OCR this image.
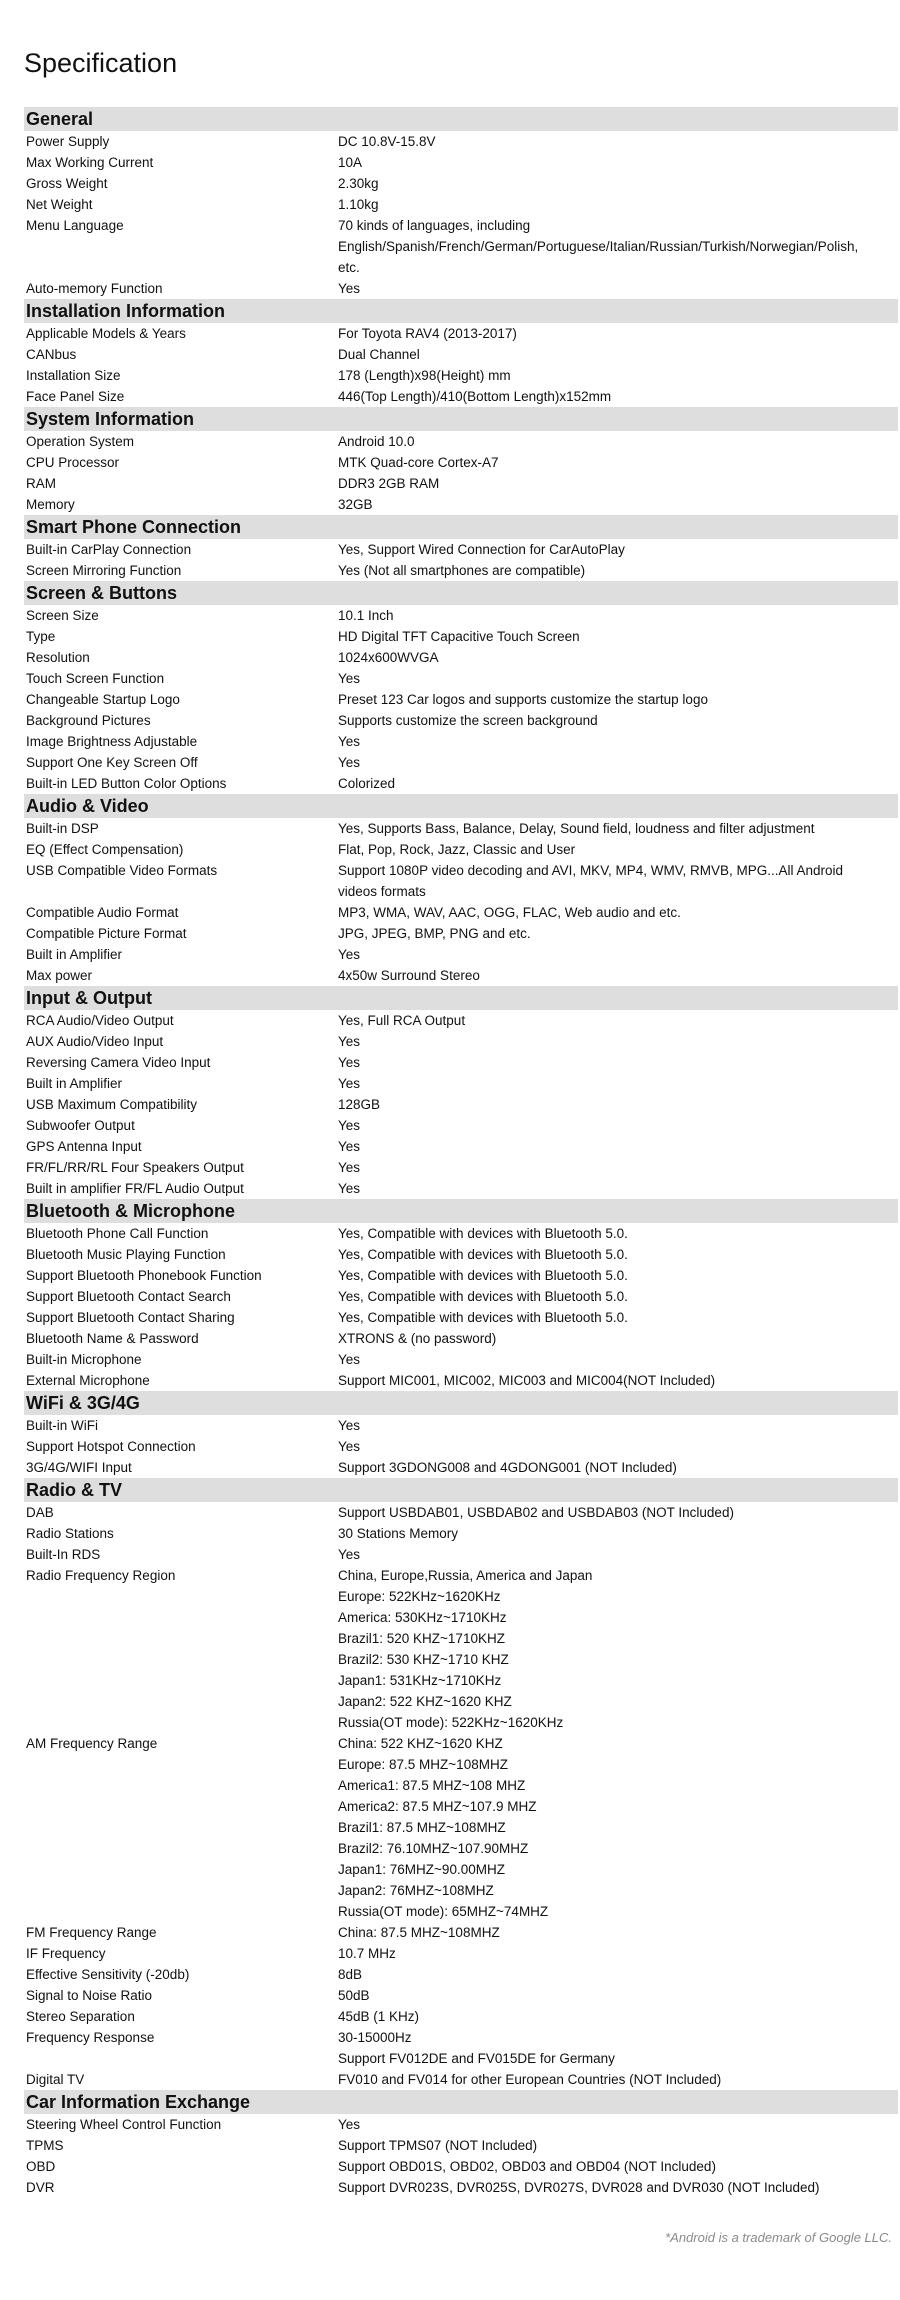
Specification
General
Power Supply	DC 10.8V-15.8V
Max Working Current	10A
Gross Weight	2.30kg
Net Weight	1.10kg
Menu Language	70 kinds of languages, including
English/Spanish/French/German/Portuguese/Italian/Russian/Turkish/Norwegian/Polish,
etc.
Auto-memory Function	Yes
Installation Information
Applicable Models & Years	For Toyota RAV4 (2013-2017)
CANbus	Dual Channel
Installation Size	178 (Length)x98(Height) mm
Face Panel Size	446(Top Length)/410(Bottom Length)x152mm
System Information
Operation System	Android 10.0
CPU Processor	MTK Quad-core Cortex-A7
RAM	DDR3 2GB RAM
Memory	32GB
Smart Phone Connection
Built-in CarPlay Connection	Yes, Support Wired Connection for CarAutoPlay
Screen Mirroring Function	Yes (Not all smartphones are compatible)
Screen & Buttons
Screen Size	10.1 Inch
Type	HD Digital TFT Capacitive Touch Screen
Resolution	1024x600WVGA
Touch Screen Function	Yes
Changeable Startup Logo	Preset 123 Car logos and supports customize the startup logo
Background Pictures	Supports customize the screen background
Image Brightness Adjustable	Yes
Support One Key Screen Off	Yes
Built-in LED Button Color Options	Colorized
Audio & Video
Built-in DSP	Yes, Supports Bass, Balance, Delay, Sound field, loudness and filter adjustment
EQ (Effect Compensation)	Flat, Pop, Rock, Jazz, Classic and User
USB Compatible Video Formats	Support 1080P video decoding and AVI, MKV, MP4, WMV, RMVB, MPG...All Android
videos formats
Compatible Audio Format	MP3, WMA, WAV, AAC, OGG, FLAC, Web audio and etc.
Compatible Picture Format	JPG, JPEG, BMP, PNG and etc.
Built in Amplifier	Yes
Max power	4x50w Surround Stereo
Input & Output
RCA Audio/Video Output	Yes, Full RCA Output
AUX Audio/Video Input	Yes
Reversing Camera Video Input	Yes
Built in Amplifier	Yes
USB Maximum Compatibility	128GB
Subwoofer Output	Yes
GPS Antenna Input	Yes
FR/FL/RR/RL Four Speakers Output	Yes
Built in amplifier FR/FL Audio Output	Yes
Bluetooth & Microphone
Bluetooth Phone Call Function	Yes, Compatible with devices with Bluetooth 5.0.
Bluetooth Music Playing Function	Yes, Compatible with devices with Bluetooth 5.0.
Support Bluetooth Phonebook Function	Yes, Compatible with devices with Bluetooth 5.0.
Support Bluetooth Contact Search	Yes, Compatible with devices with Bluetooth 5.0.
Support Bluetooth Contact Sharing	Yes, Compatible with devices with Bluetooth 5.0.
Bluetooth Name & Password	XTRONS & (no password)
Built-in Microphone	Yes
External Microphone	Support MIC001, MIC002, MIC003 and MIC004(NOT Included)
WiFi & 3G/4G
Built-in WiFi	Yes
Support Hotspot Connection	Yes
3G/4G/WIFI Input	Support 3GDONG008 and 4GDONG001 (NOT Included)
Radio & TV
DAB	Support USBDAB01, USBDAB02 and USBDAB03 (NOT Included)
Radio Stations	30 Stations Memory
Built-In RDS	Yes
Radio Frequency Region	China, Europe,Russia, America and Japan
Europe: 522KHz~1620KHz
America: 530KHz~1710KHz
Brazil1: 520 KHZ~1710KHZ
Brazil2: 530 KHZ~1710 KHZ
Japan1: 531KHz~1710KHz
Japan2: 522 KHZ~1620 KHZ
Russia(OT mode): 522KHz~1620KHz
AM Frequency Range	China: 522 KHZ~1620 KHZ
Europe: 87.5 MHZ~108MHZ
America1: 87.5 MHZ~108 MHZ
America2: 87.5 MHZ~107.9 MHZ
Brazil1: 87.5 MHZ~108MHZ
Brazil2: 76.10MHZ~107.90MHZ
Japan1: 76MHZ~90.00MHZ
Japan2: 76MHZ~108MHZ
Russia(OT mode): 65MHZ~74MHZ
FM Frequency Range	China: 87.5 MHZ~108MHZ
IF Frequency	10.7 MHz
Effective Sensitivity (-20db)	8dB
Signal to Noise Ratio	50dB
Stereo Separation	45dB (1 KHz)
Frequency Response	30-15000Hz
Support FV012DE and FV015DE for Germany
Digital TV	FV010 and FV014 for other European Countries (NOT Included)
Car Information Exchange
Steering Wheel Control Function	Yes
TPMS	Support TPMS07 (NOT Included)
OBD	Support OBD01S, OBD02, OBD03 and OBD04 (NOT Included)
DVR	Support DVR023S, DVR025S, DVR027S, DVR028 and DVR030 (NOT Included)
*Android is a trademark of Google LLC.
